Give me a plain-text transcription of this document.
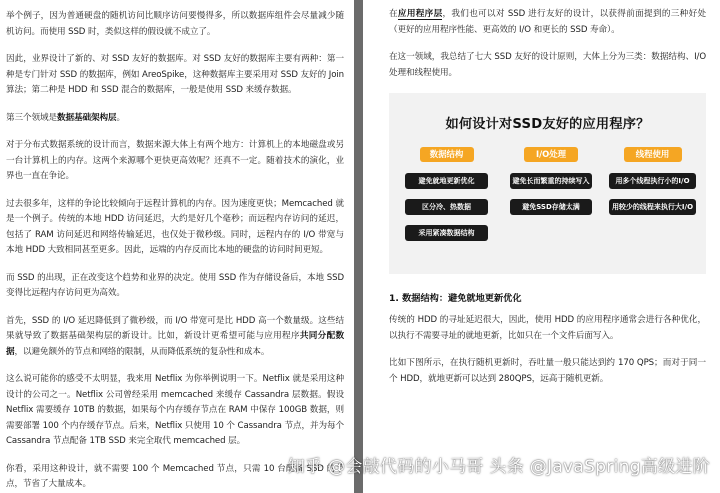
举个例子，因为普通硬盘的随机访问比顺序访问要慢得多，所以数据库组件会尽量减少随机访问。而使用 SSD 时，类似这样的假设就不成立了。

因此，业界设计了新的、对 SSD 友好的数据库。对 SSD 友好的数据库主要有两种：第一种是专门针对 SSD 的数据库，例如 AreoSpike，这种数据库主要采用对 SSD 友好的 Join 算法；第二种是 HDD 和 SSD 混合的数据库，一般是使用 SSD 来缓存数据。

第三个领域是数据基础架构层。

对于分布式数据系统的设计而言，数据来源大体上有两个地方：计算机上的本地磁盘或另一台计算机上的内存。这两个来源哪个更快更高效呢？还真不一定。随着技术的演化，业界也一直在争论。

过去很多年，这样的争论比较倾向于远程计算机的内存。因为速度更快；Memcached 就是一个例子。传统的本地 HDD 访问延迟，大约是好几个毫秒；而远程内存访问的延迟，包括了 RAM 访问延迟和网络传输延迟，也仅处于微秒级。同时，远程内存的 I/O 带宽与本地 HDD 大致相同甚至更多。因此，远端的内存反而比本地的硬盘的访问时间更短。

而 SSD 的出现，正在改变这个趋势和业界的决定。使用 SSD 作为存储设备后，本地 SSD 变得比远程内存访问更为高效。

首先，SSD 的 I/O 延迟降低到了微秒级，而 I/O 带宽可是比 HDD 高一个数量级。这些结果就导致了数据基础架构层的新设计。比如，新设计更希望可能与应用程序共同分配数据，以避免额外的节点和网络的限制，从而降低系统的复杂性和成本。

这么说可能你的感受不太明显，我来用 Netflix 为你举例说明一下。Netflix 就是采用这种设计的公司之一。Netflix 公司曾经采用 memcached 来缓存 Cassandra 层数据。假设 Netflix 需要缓存 10TB 的数据，如果每个内存缓存节点在 RAM 中保存 100GB 数据，则需要部署 100 个内存缓存节点。后来，Netflix 只使用 10 个 Cassandra 节点，并为每个 Cassandra 节点配备 1TB SSD 来完全取代 memcached 层。

你看，采用这种设计，就不需要 100 个 Memcached 节点，只需 10 台配备 SSD 的节点，节省了大量成本。

在应用程序层，我们也可以对 SSD 进行友好的设计，以获得前面提到的三种好处（更好的应用程序性能、更高效的 I/O 和更长的 SSD 寿命）。

在这一领域，我总结了七大 SSD 友好的设计原则，大体上分为三类：数据结构、I/O 处理和线程使用。

如何设计对SSD友好的应用程序？
数据结构
避免就地更新优化
区分冷、热数据
采用紧凑数据结构
I/O处理
避免长而繁重的持续写入
避免SSD存储太满
线程使用
用多个线程执行小的I/O
用较少的线程来执行大I/O
1. 数据结构：避免就地更新优化

传统的 HDD 的寻址延迟很大，因此，使用 HDD 的应用程序通常会进行各种优化，以执行不需要寻址的就地更新，比如只在一个文件后面写入。

比如下图所示，在执行随机更新时，吞吐量一般只能达到约 170 QPS；而对于同一个 HDD，就地更新可以达到 280QPS，远高于随机更新。

知乎 @会敲代码的小马哥 头条 @JavaSpring高级进阶
